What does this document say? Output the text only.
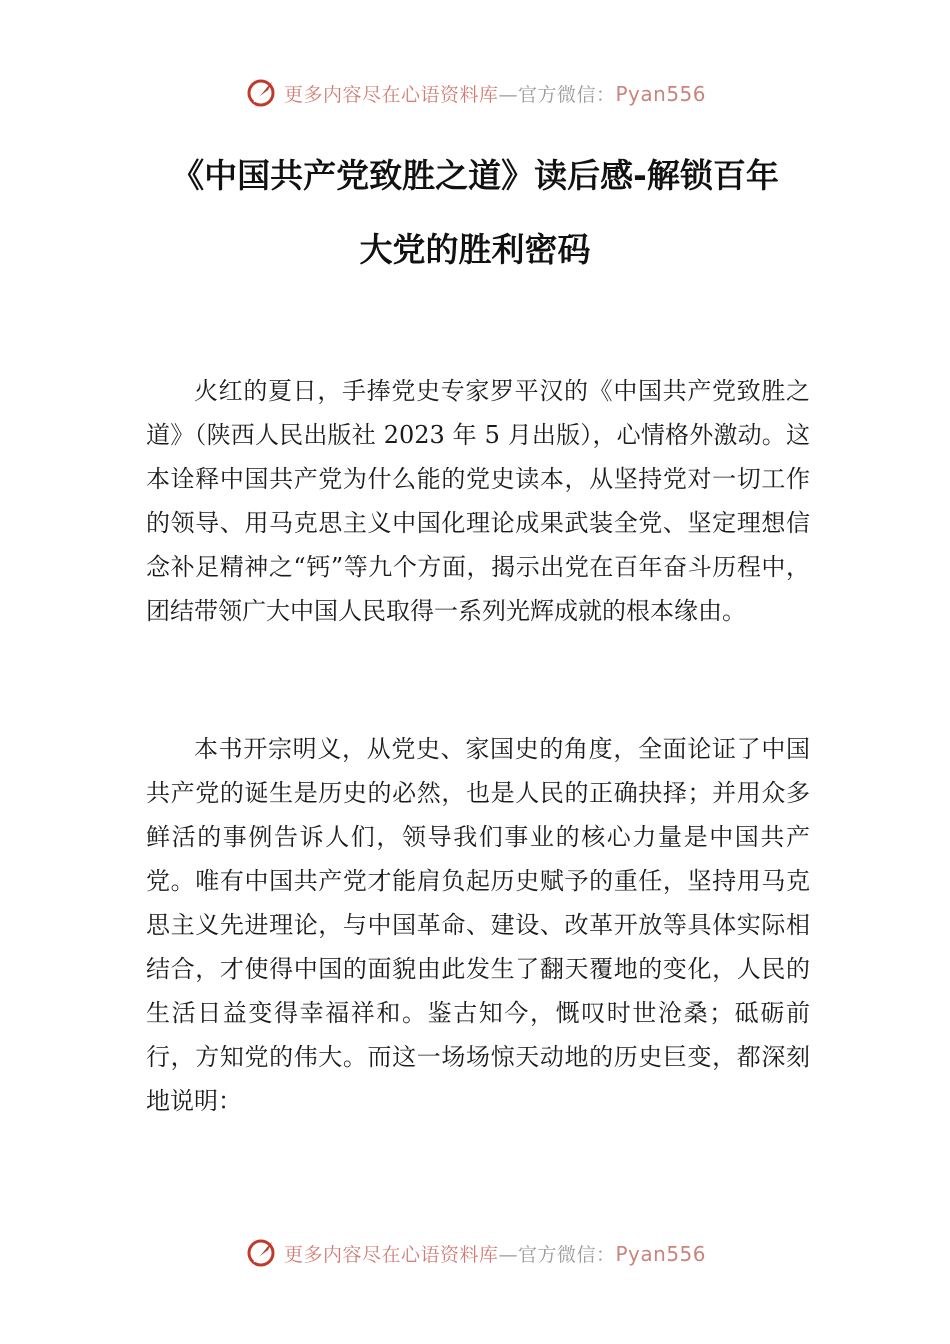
更多内容尽在心语资料库—官方微信：Pyan556
《中国共产党致胜之道》读后感-解锁百年
大党的胜利密码

火红的夏日，手捧党史专家罗平汉的《中国共产党致胜之道》（陕西人民出版社 2023 年 5 月出版），心情格外激动。这本诠释中国共产党为什么能的党史读本，从坚持党对一切工作的领导、用马克思主义中国化理论成果武装全党、坚定理想信念补足精神之“钙”等九个方面，揭示出党在百年奋斗历程中，团结带领广大中国人民取得一系列光辉成就的根本缘由。

本书开宗明义，从党史、家国史的角度，全面论证了中国共产党的诞生是历史的必然，也是人民的正确抉择；并用众多鲜活的事例告诉人们，领导我们事业的核心力量是中国共产党。唯有中国共产党才能肩负起历史赋予的重任，坚持用马克思主义先进理论，与中国革命、建设、改革开放等具体实际相结合，才使得中国的面貌由此发生了翻天覆地的变化，人民的生活日益变得幸福祥和。鉴古知今，慨叹时世沧桑；砥砺前行，方知党的伟大。而这一场场惊天动地的历史巨变，都深刻地说明：

更多内容尽在心语资料库—官方微信：Pyan556
